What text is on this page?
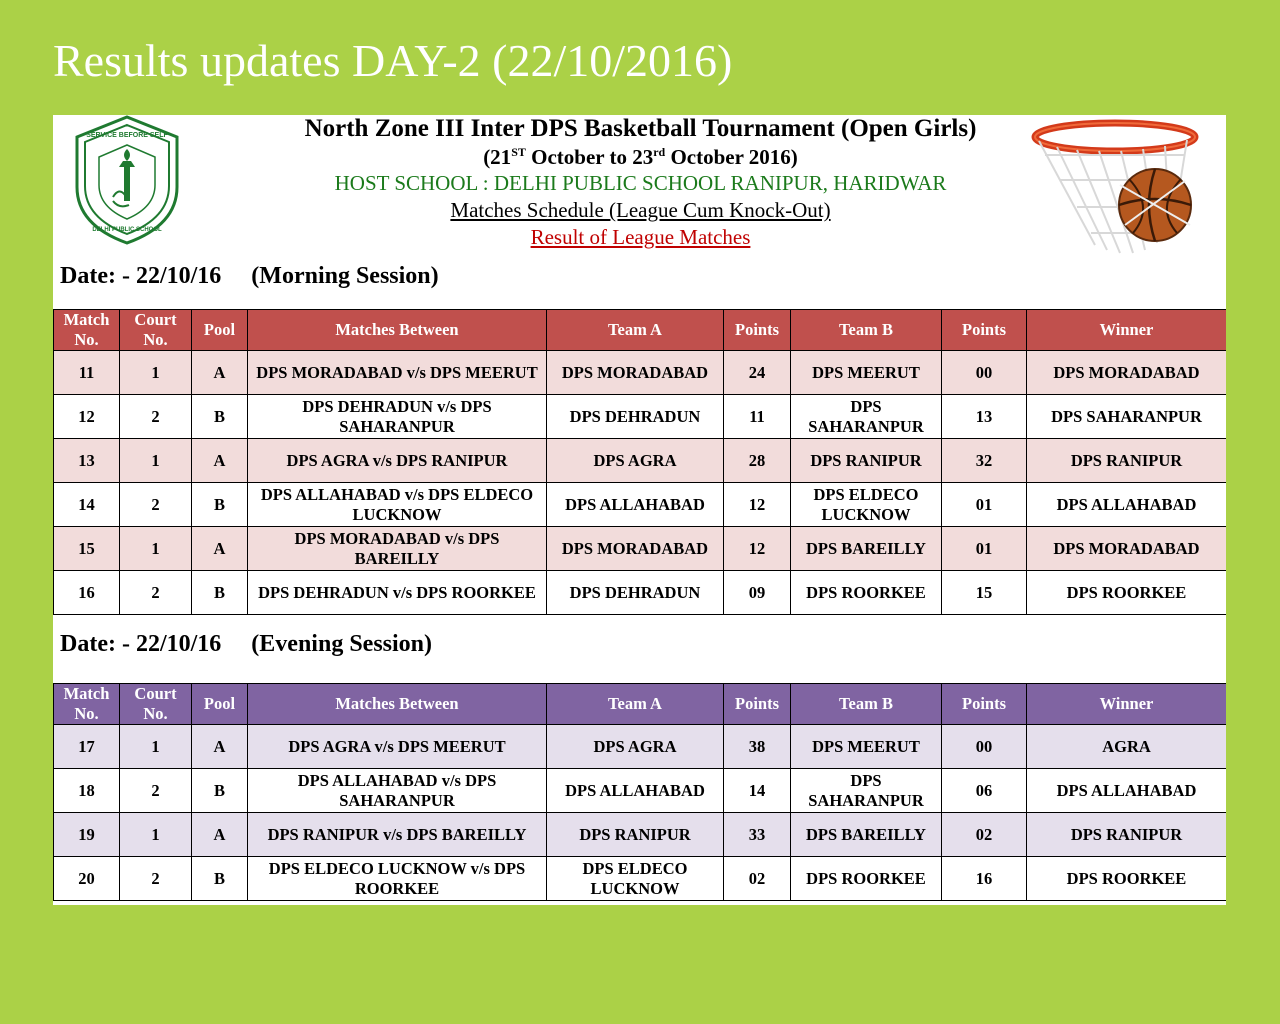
Results updates DAY-2 (22/10/2016)
SERVICE BEFORE SELF
DELHI PUBLIC SCHOOL
North Zone III Inter DPS Basketball Tournament (Open Girls)
(21ST October to 23rd October 2016)
HOST SCHOOL : DELHI PUBLIC SCHOOL RANIPUR, HARIDWAR
Matches Schedule (League Cum Knock-Out)
Result of League Matches
Date: - 22/10/16     (Morning Session)
Match No.	Court No.	Pool	Matches Between	Team A	Points	Team B	Points	Winner
11	1	A	DPS MORADABAD v/s DPS MEERUT	DPS MORADABAD	24	DPS MEERUT	00	DPS MORADABAD
12	2	B	DPS DEHRADUN v/s DPS SAHARANPUR	DPS DEHRADUN	11	DPS SAHARANPUR	13	DPS SAHARANPUR
13	1	A	DPS AGRA v/s DPS RANIPUR	DPS AGRA	28	DPS RANIPUR	32	DPS RANIPUR
14	2	B	DPS ALLAHABAD v/s DPS ELDECO LUCKNOW	DPS ALLAHABAD	12	DPS ELDECO LUCKNOW	01	DPS ALLAHABAD
15	1	A	DPS MORADABAD v/s DPS BAREILLY	DPS MORADABAD	12	DPS BAREILLY	01	DPS MORADABAD
16	2	B	DPS DEHRADUN v/s DPS ROORKEE	DPS DEHRADUN	09	DPS ROORKEE	15	DPS ROORKEE
Date: - 22/10/16     (Evening Session)
Match No.	Court No.	Pool	Matches Between	Team A	Points	Team B	Points	Winner
17	1	A	DPS AGRA v/s DPS MEERUT	DPS AGRA	38	DPS MEERUT	00	AGRA
18	2	B	DPS ALLAHABAD v/s DPS SAHARANPUR	DPS ALLAHABAD	14	DPS SAHARANPUR	06	DPS ALLAHABAD
19	1	A	DPS RANIPUR v/s DPS BAREILLY	DPS RANIPUR	33	DPS BAREILLY	02	DPS RANIPUR
20	2	B	DPS ELDECO LUCKNOW v/s DPS ROORKEE	DPS ELDECO LUCKNOW	02	DPS ROORKEE	16	DPS ROORKEE
